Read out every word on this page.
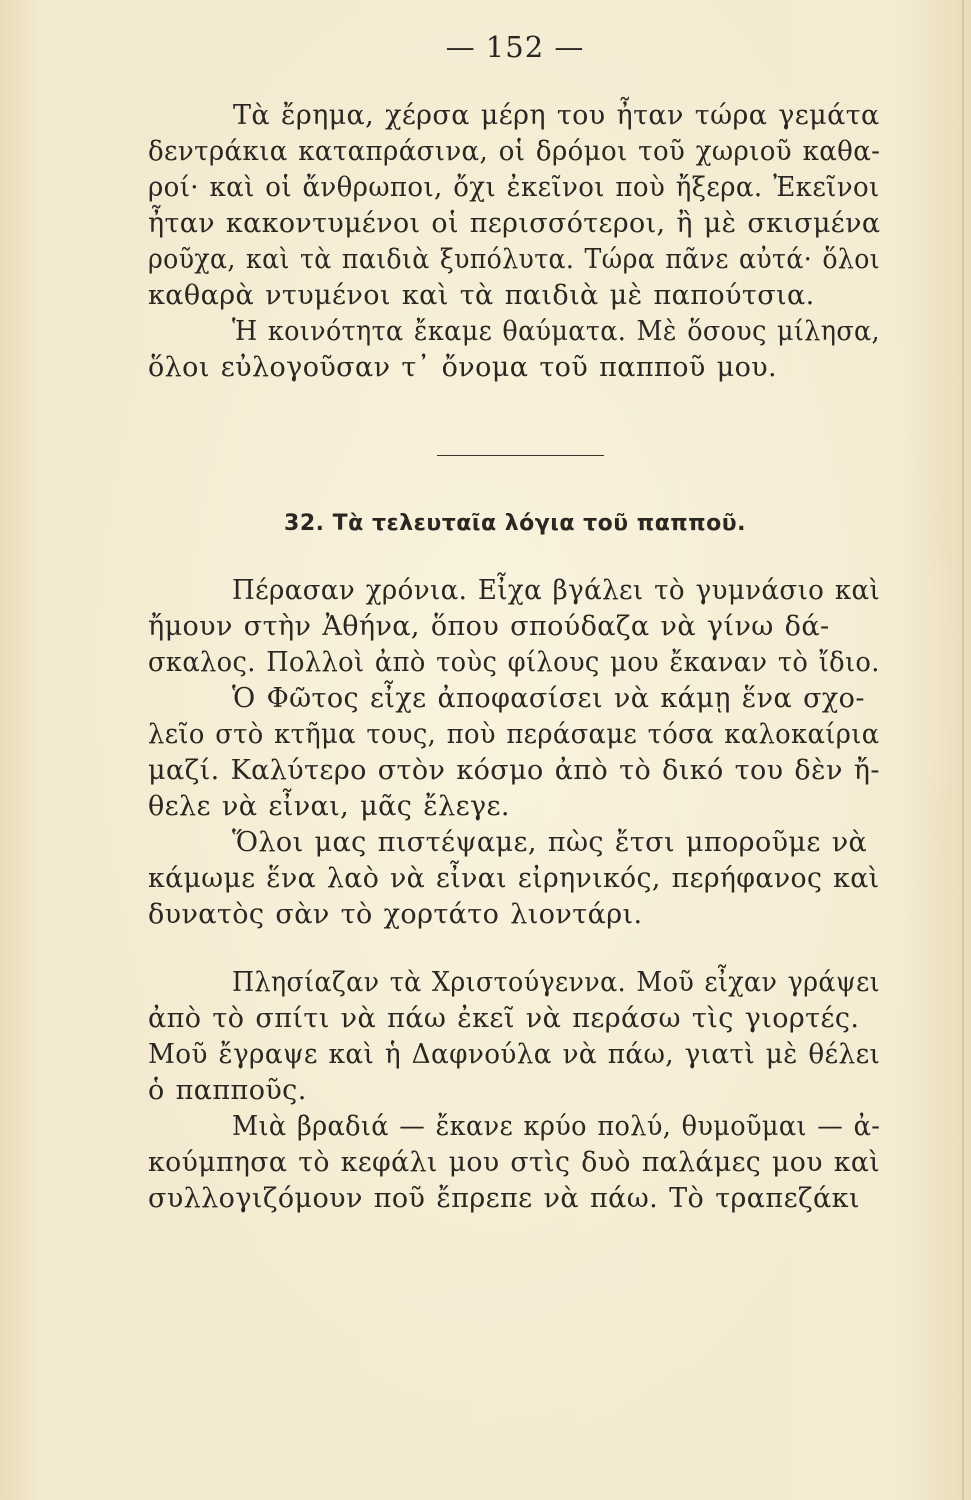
— 152 —
Τὰ ἔρημα, χέρσα μέρη του ἦταν τώρα γεμάτα
δεντράκια καταπράσινα, οἱ δρόμοι τοῦ χωριοῦ καθα-
ροί· καὶ οἱ ἄνθρωποι, ὄχι ἐκεῖνοι ποὺ ἤξερα. Ἐκεῖνοι
ἦταν κακοντυμένοι οἱ περισσότεροι, ἢ μὲ σκισμένα
ροῦχα, καὶ τὰ παιδιὰ ξυπόλυτα. Τώρα πᾶνε αὐτά· ὅλοι
καθαρὰ ντυμένοι καὶ τὰ παιδιὰ μὲ παπούτσια.
Ἡ κοινότητα ἔκαμε θαύματα. Μὲ ὅσους μίλησα,
ὅλοι εὐλογοῦσαν τ᾿ ὄνομα τοῦ παπποῦ μου.
32. Τὰ τελευταῖα λόγια τοῦ παπποῦ.
Πέρασαν χρόνια. Εἶχα βγάλει τὸ γυμνάσιο καὶ
ἤμουν στὴν Ἀθήνα, ὅπου σπούδαζα νὰ γίνω δά-
σκαλος. Πολλοὶ ἀπὸ τοὺς φίλους μου ἔκαναν τὸ ἴδιο.
Ὁ Φῶτος εἶχε ἀποφασίσει νὰ κάμῃ ἕνα σχο-
λεῖο στὸ κτῆμα τους, ποὺ περάσαμε τόσα καλοκαίρια
μαζί. Καλύτερο στὸν κόσμο ἀπὸ τὸ δικό του δὲν ἤ-
θελε νὰ εἶναι, μᾶς ἔλεγε.
Ὅλοι μας πιστέψαμε, πὼς ἔτσι μποροῦμε νὰ
κάμωμε ἕνα λαὸ νὰ εἶναι εἰρηνικός, περήφανος καὶ
δυνατὸς σὰν τὸ χορτάτο λιοντάρι.
Πλησίαζαν τὰ Χριστούγεννα. Μοῦ εἶχαν γράψει
ἀπὸ τὸ σπίτι νὰ πάω ἐκεῖ νὰ περάσω τὶς γιορτές.
Μοῦ ἔγραψε καὶ ἡ Δαφνούλα νὰ πάω, γιατὶ μὲ θέλει
ὁ παπποῦς.
Μιὰ βραδιά — ἔκανε κρύο πολύ, θυμοῦμαι — ἀ-
κούμπησα τὸ κεφάλι μου στὶς δυὸ παλάμες μου καὶ
συλλογιζόμουν ποῦ ἔπρεπε νὰ πάω. Τὸ τραπεζάκι
